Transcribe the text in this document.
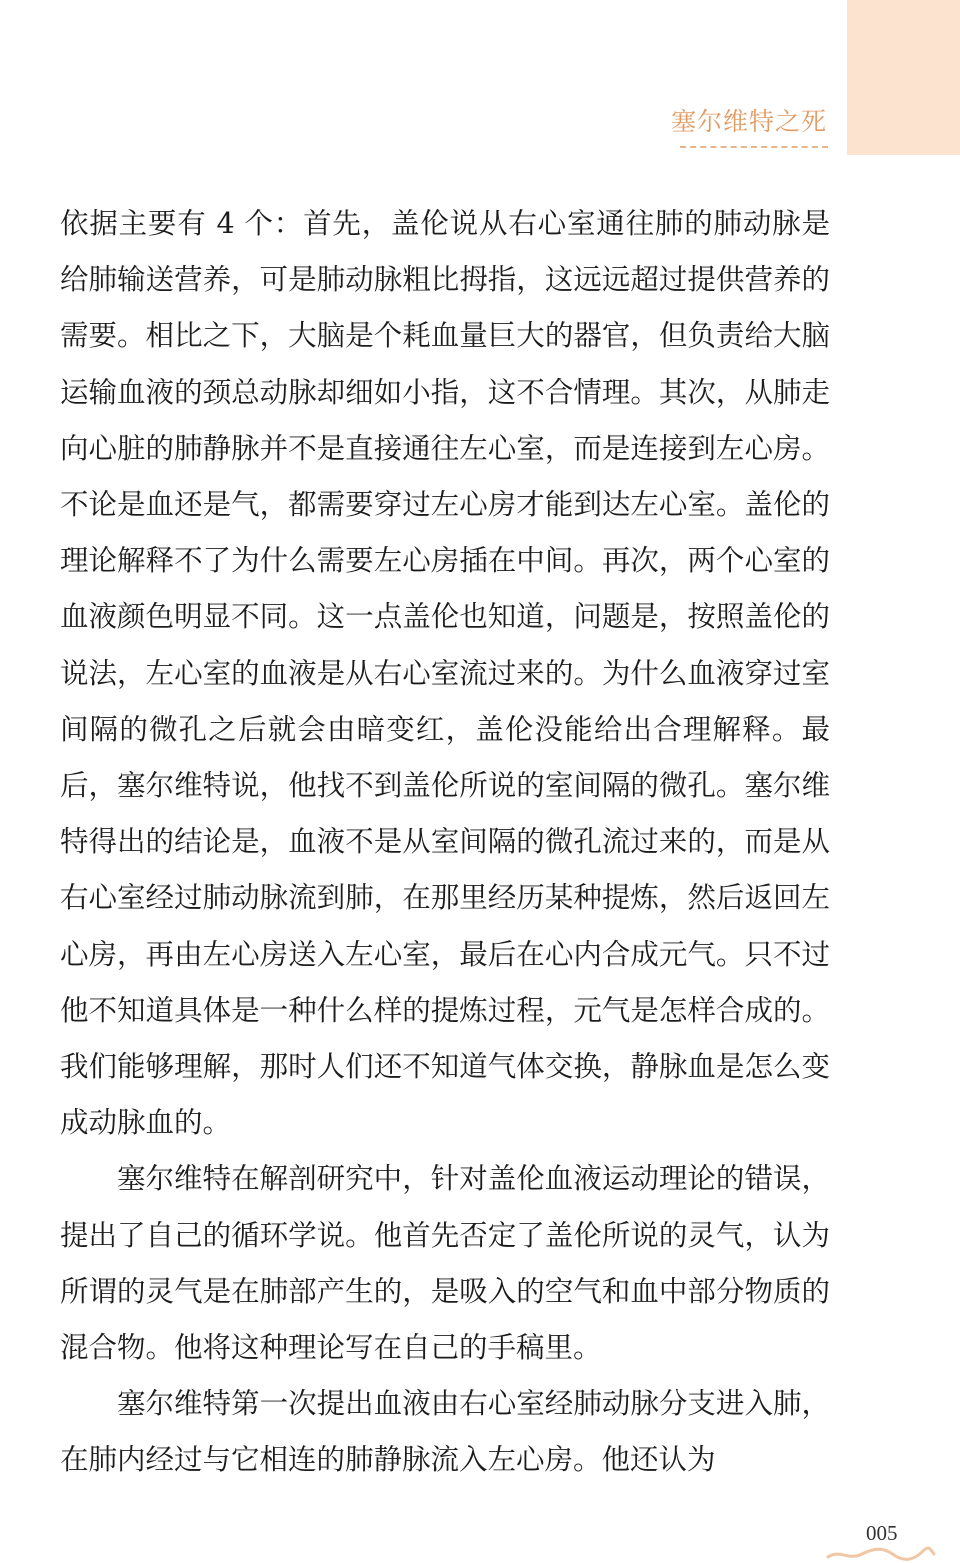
塞尔维特之死

依据主要有 4 个：首先，盖伦说从右心室通往肺的肺动脉是给肺输送营养，可是肺动脉粗比拇指，这远远超过提供营养的需要。相比之下，大脑是个耗血量巨大的器官，但负责给大脑运输血液的颈总动脉却细如小指，这不合情理。其次，从肺走向心脏的肺静脉并不是直接通往左心室，而是连接到左心房。不论是血还是气，都需要穿过左心房才能到达左心室。盖伦的理论解释不了为什么需要左心房插在中间。再次，两个心室的血液颜色明显不同。这一点盖伦也知道，问题是，按照盖伦的说法，左心室的血液是从右心室流过来的。为什么血液穿过室间隔的微孔之后就会由暗变红，盖伦没能给出合理解释。最后，塞尔维特说，他找不到盖伦所说的室间隔的微孔。塞尔维特得出的结论是，血液不是从室间隔的微孔流过来的，而是从右心室经过肺动脉流到肺，在那里经历某种提炼，然后返回左心房，再由左心房送入左心室，最后在心内合成元气。只不过他不知道具体是一种什么样的提炼过程，元气是怎样合成的。我们能够理解，那时人们还不知道气体交换，静脉血是怎么变成动脉血的。

塞尔维特在解剖研究中，针对盖伦血液运动理论的错误，提出了自己的循环学说。他首先否定了盖伦所说的灵气，认为所谓的灵气是在肺部产生的，是吸入的空气和血中部分物质的混合物。他将这种理论写在自己的手稿里。

塞尔维特第一次提出血液由右心室经肺动脉分支进入肺，在肺内经过与它相连的肺静脉流入左心房。他还认为

005
